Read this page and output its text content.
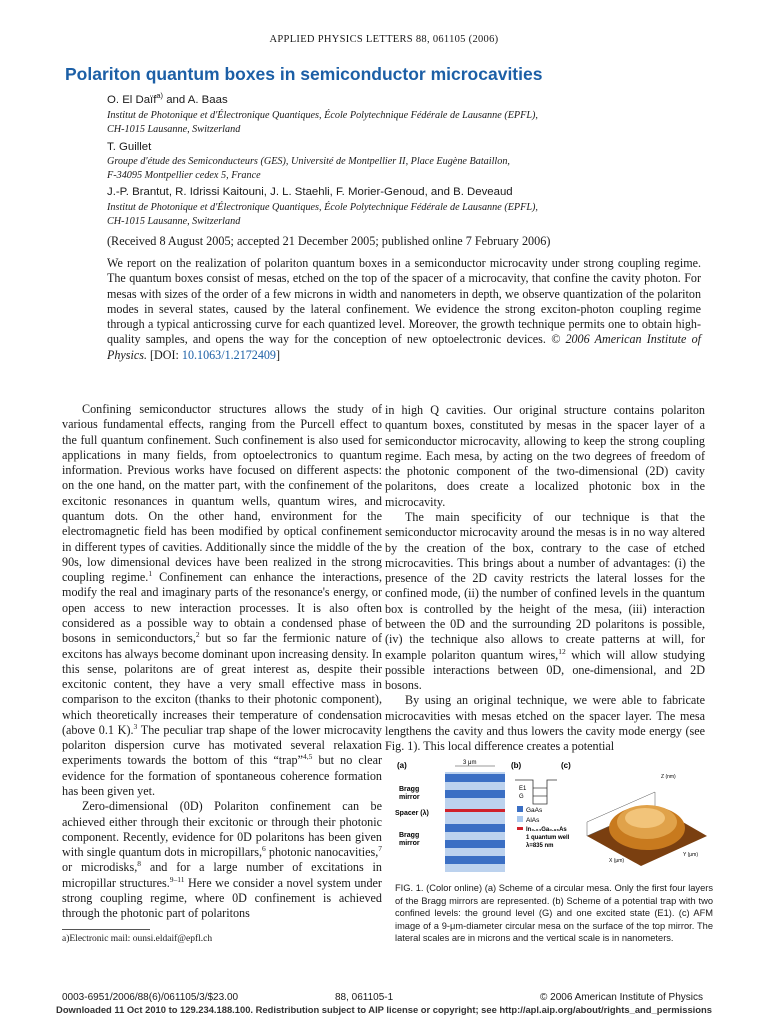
APPLIED PHYSICS LETTERS 88, 061105 (2006)
Polariton quantum boxes in semiconductor microcavities
O. El Daïf$^{a)}$ and A. Baas
Institut de Photonique et d'Électronique Quantiques, École Polytechnique Fédérale de Lausanne (EPFL),
CH-1015 Lausanne, Switzerland
T. Guillet
Groupe d'étude des Semiconducteurs (GES), Université de Montpellier II, Place Eugène Bataillon,
F-34095 Montpellier cedex 5, France
J.-P. Brantut, R. Idrissi Kaitouni, J. L. Staehli, F. Morier-Genoud, and B. Deveaud
Institut de Photonique et d'Électronique Quantiques, École Polytechnique Fédérale de Lausanne (EPFL),
CH-1015 Lausanne, Switzerland
(Received 8 August 2005; accepted 21 December 2005; published online 7 February 2006)
We report on the realization of polariton quantum boxes in a semiconductor microcavity under strong coupling regime. The quantum boxes consist of mesas, etched on the top of the spacer of a microcavity, that confine the cavity photon. For mesas with sizes of the order of a few microns in width and nanometers in depth, we observe quantization of the polariton modes in several states, caused by the lateral confinement. We evidence the strong exciton-photon coupling regime through a typical anticrossing curve for each quantized level. Moreover, the growth technique permits one to obtain high-quality samples, and opens the way for the conception of new optoelectronic devices. © 2006 American Institute of Physics. [DOI: 10.1063/1.2172409]

Confining semiconductor structures allows the study of various fundamental effects, ranging from the Purcell effect to the full quantum confinement. Such confinement is also used for applications in many fields, from optoelectronics to quantum information. Previous works have focused on different aspects: on the one hand, on the matter part, with the confinement of the excitonic resonances in quantum wells, quantum wires, and quantum dots. On the other hand, environment for the electromagnetic field has been modified by optical confinement in different types of cavities. Additionally since the middle of the 90s, low dimensional devices have been realized in the strong coupling regime.$^1$ Confinement can enhance the interactions, modify the real and imaginary parts of the resonance's energy, or open access to new interaction processes. It is also often considered as a possible way to obtain a condensed phase of bosons in semiconductors,$^2$ but so far the fermionic nature of excitons has always become dominant upon increasing density. In this sense, polaritons are of great interest as, despite their excitonic content, they have a very small effective mass in comparison to the exciton (thanks to their photonic component), which theoretically increases their temperature of condensation (above 0.1 K).$^3$ The peculiar trap shape of the lower microcavity polariton dispersion curve has motivated several relaxation experiments towards the bottom of this “trap”$^{4,5}$ but no clear evidence for the formation of spontaneous coherence formation has been given yet.

Zero-dimensional (0D) Polariton confinement can be achieved either through their excitonic or through their photonic component. Recently, evidence for 0D polaritons has been given with single quantum dots in micropillars,$^6$ photonic nanocavities,$^7$ or microdisks,$^8$ and for a large number of excitations in micropillar structures.$^{9-11}$ Here we consider a novel system under strong coupling regime, where 0D confinement is achieved through the photonic part of polaritons

in high Q cavities. Our original structure contains polariton quantum boxes, constituted by mesas in the spacer layer of a semiconductor microcavity, allowing to keep the strong coupling regime. Each mesa, by acting on the two degrees of freedom of the photonic component of the two-dimensional (2D) cavity polaritons, does create a localized photonic box in the microcavity.

The main specificity of our technique is that the semiconductor microcavity around the mesas is in no way altered by the creation of the box, contrary to the case of etched microcavities. This brings about a number of advantages: (i) the presence of the 2D cavity restricts the lateral losses for the confined mode, (ii) the number of confined levels in the quantum box is controlled by the height of the mesa, (iii) interaction between the 0D and the surrounding 2D polaritons is possible, (iv) the technique also allows to create patterns at will, for example polariton quantum wires,$^{12}$ which will allow studying possible interactions between 0D, one-dimensional, and 2D bosons.

By using an original technique, we were able to fabricate microcavities with mesas etched on the spacer layer. The mesa lengthens the cavity and thus lowers the cavity mode energy (see Fig. 1). This local difference creates a potential

(a)	(b)	(c)
3 μm
Bragg
mirror
Spacer (λ)
Bragg
mirror
E1
G
GaAs
AlAs
In₀.₀₄Ga₀.₉₆As
1 quantum well
λ=835 nm
Z (nm)
X (μm)
Y (μm)
FIG. 1. (Color online) (a) Scheme of a circular mesa. Only the first four layers of the Bragg mirrors are represented. (b) Scheme of a potential trap with two confined levels: the ground level (G) and one excited state (E1). (c) AFM image of a 9-μm-diameter circular mesa on the surface of the top mirror. The lateral scales are in microns and the vertical scale is in nanometers.
a)Electronic mail: ounsi.eldaif@epfl.ch
0003-6951/2006/88(6)/061105/3/$23.00	88, 061105-1	© 2006 American Institute of Physics
Downloaded 11 Oct 2010 to 129.234.188.100. Redistribution subject to AIP license or copyright; see http://apl.aip.org/about/rights_and_permissions
